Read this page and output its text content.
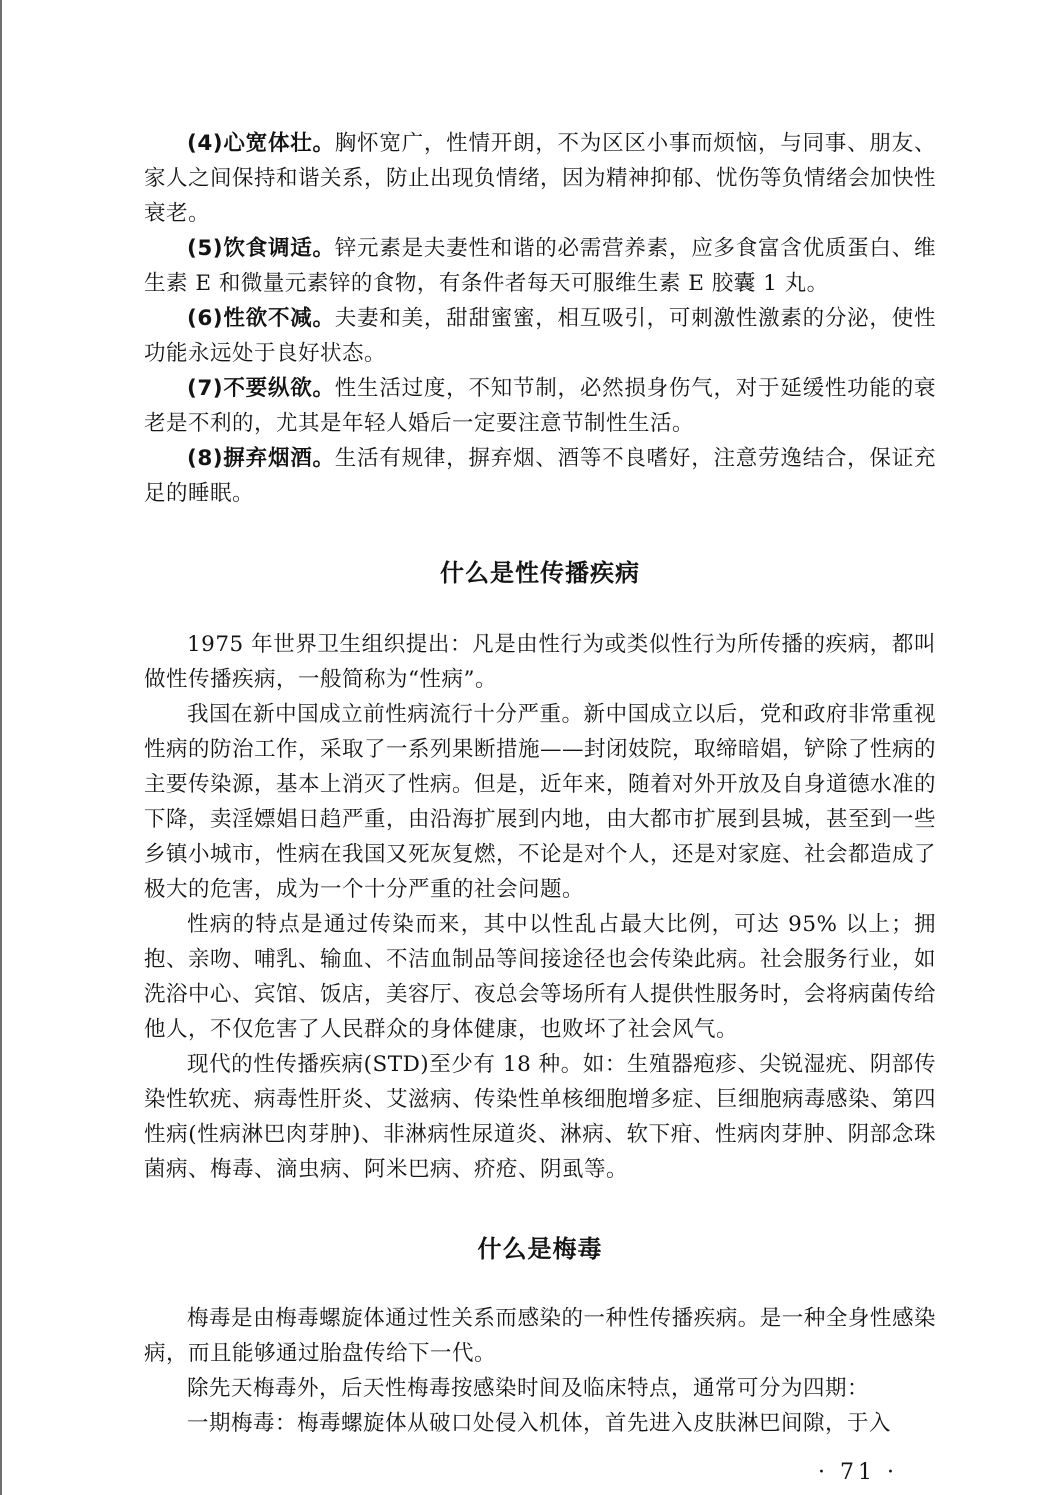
(4)心宽体壮。胸怀宽广，性情开朗，不为区区小事而烦恼，与同事、朋友、家人之间保持和谐关系，防止出现负情绪，因为精神抑郁、忧伤等负情绪会加快性衰老。

(5)饮食调适。锌元素是夫妻性和谐的必需营养素，应多食富含优质蛋白、维生素 E 和微量元素锌的食物，有条件者每天可服维生素 E 胶囊 1 丸。

(6)性欲不减。夫妻和美，甜甜蜜蜜，相互吸引，可刺激性激素的分泌，使性功能永远处于良好状态。

(7)不要纵欲。性生活过度，不知节制，必然损身伤气，对于延缓性功能的衰老是不利的，尤其是年轻人婚后一定要注意节制性生活。

(8)摒弃烟酒。生活有规律，摒弃烟、酒等不良嗜好，注意劳逸结合，保证充足的睡眠。

什么是性传播疾病

1975 年世界卫生组织提出：凡是由性行为或类似性行为所传播的疾病，都叫做性传播疾病，一般简称为“性病”。

我国在新中国成立前性病流行十分严重。新中国成立以后，党和政府非常重视性病的防治工作，采取了一系列果断措施——封闭妓院，取缔暗娼，铲除了性病的主要传染源，基本上消灭了性病。但是，近年来，随着对外开放及自身道德水准的下降，卖淫嫖娼日趋严重，由沿海扩展到内地，由大都市扩展到县城，甚至到一些乡镇小城市，性病在我国又死灰复燃，不论是对个人，还是对家庭、社会都造成了极大的危害，成为一个十分严重的社会问题。

性病的特点是通过传染而来，其中以性乱占最大比例，可达 95% 以上；拥抱、亲吻、哺乳、输血、不洁血制品等间接途径也会传染此病。社会服务行业，如洗浴中心、宾馆、饭店，美容厅、夜总会等场所有人提供性服务时，会将病菌传给他人，不仅危害了人民群众的身体健康，也败坏了社会风气。

现代的性传播疾病(STD)至少有 18 种。如：生殖器疱疹、尖锐湿疣、阴部传染性软疣、病毒性肝炎、艾滋病、传染性单核细胞增多症、巨细胞病毒感染、第四性病(性病淋巴肉芽肿)、非淋病性尿道炎、淋病、软下疳、性病肉芽肿、阴部念珠菌病、梅毒、滴虫病、阿米巴病、疥疮、阴虱等。

什么是梅毒

梅毒是由梅毒螺旋体通过性关系而感染的一种性传播疾病。是一种全身性感染病，而且能够通过胎盘传给下一代。

除先天梅毒外，后天性梅毒按感染时间及临床特点，通常可分为四期：

一期梅毒：梅毒螺旋体从破口处侵入机体，首先进入皮肤淋巴间隙，于入

· 71 ·
